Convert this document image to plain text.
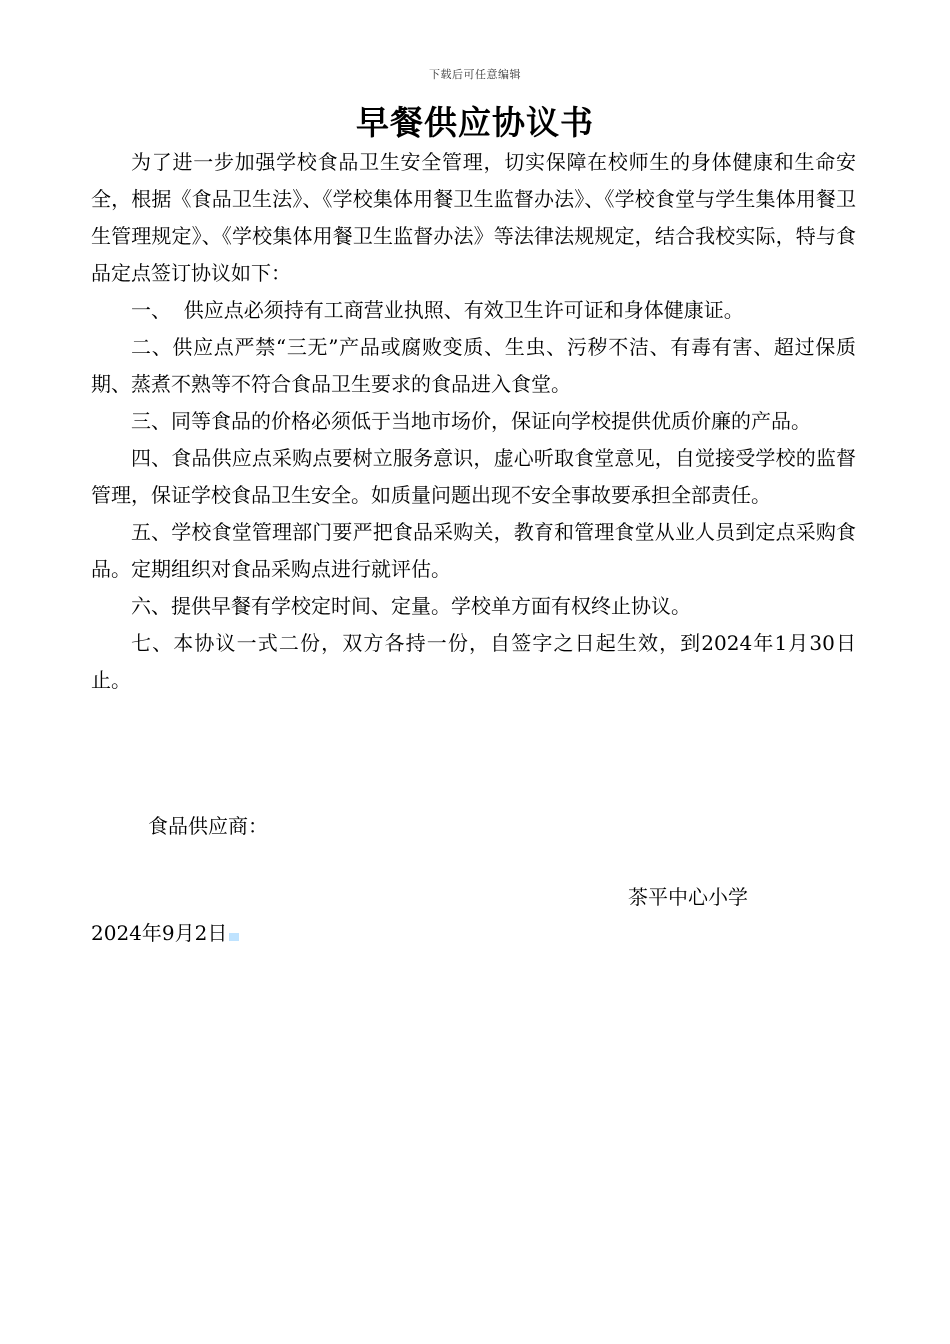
下载后可任意编辑
早餐供应协议书

为了进一步加强学校食品卫生安全管理，切实保障在校师生的身体健康和生命安全，根据《食品卫生法》、《学校集体用餐卫生监督办法》、《学校食堂与学生集体用餐卫生管理规定》、《学校集体用餐卫生监督办法》等法律法规规定，结合我校实际，特与食品定点签订协议如下：

一、  供应点必须持有工商营业执照、有效卫生许可证和身体健康证。

二、供应点严禁“三无”产品或腐败变质、生虫、污秽不洁、有毒有害、超过保质期、蒸煮不熟等不符合食品卫生要求的食品进入食堂。

三、同等食品的价格必须低于当地市场价，保证向学校提供优质价廉的产品。

四、食品供应点采购点要树立服务意识，虚心听取食堂意见，自觉接受学校的监督管理，保证学校食品卫生安全。如质量问题出现不安全事故要承担全部责任。

五、学校食堂管理部门要严把食品采购关，教育和管理食堂从业人员到定点采购食品。定期组织对食品采购点进行就评估。

六、提供早餐有学校定时间、定量。学校单方面有权终止协议。

七、本协议一式二份，双方各持一份，自签字之日起生效，到2024年1月30日止。

食品供应商：
茶平中心小学
2024年9月2日
